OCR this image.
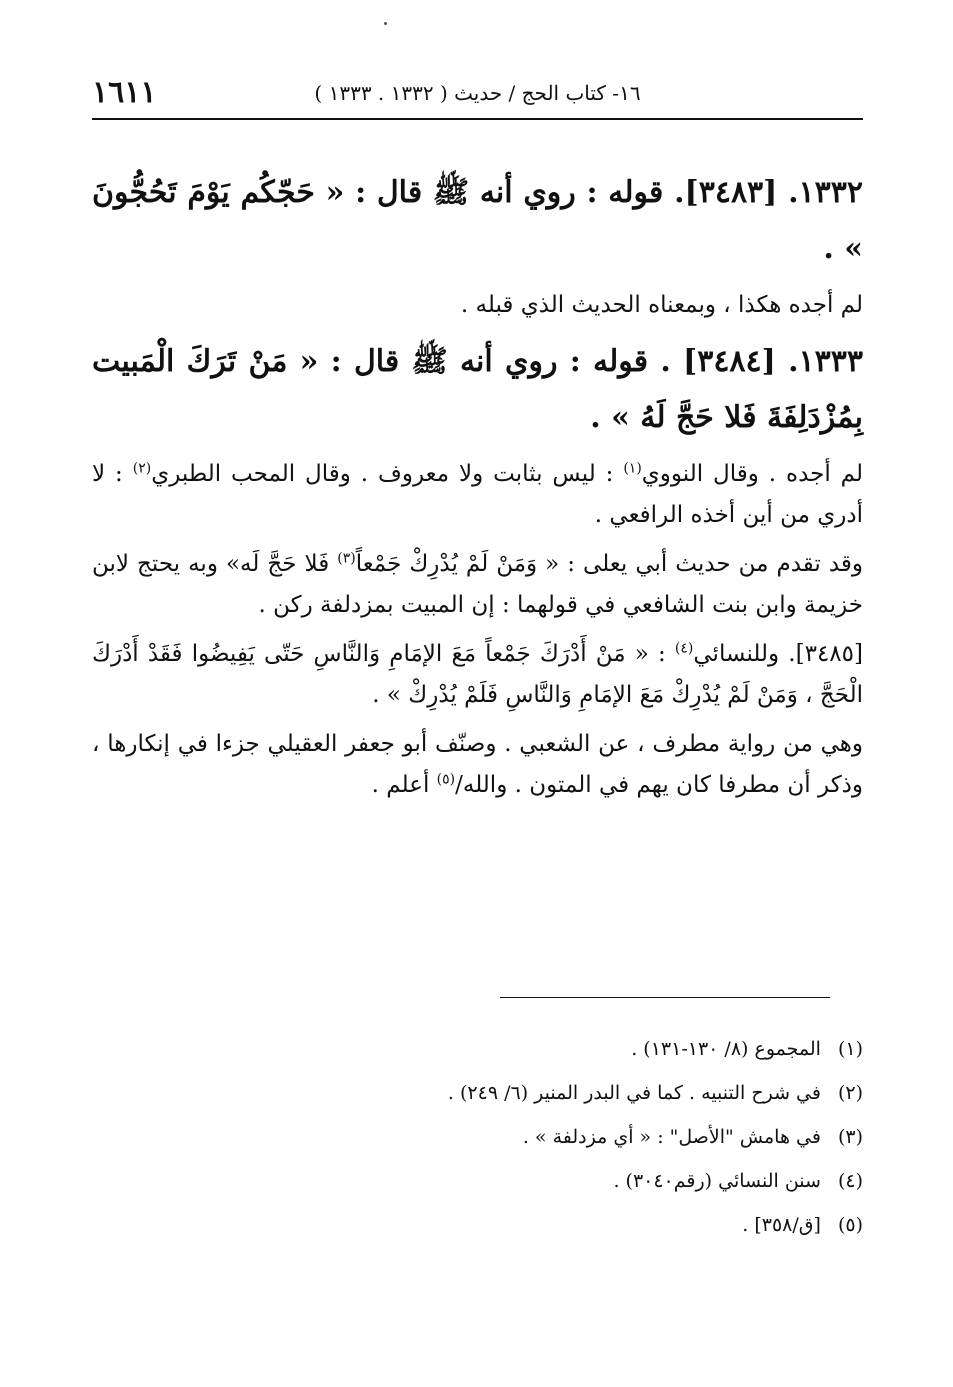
١٦- كتاب الحج / حديث ( ١٣٣٢ . ١٣٣٣ )
١٦١١
١٣٣٢. [٣٤٨٣]. قوله : روي أنه ﷺ قال : « حَجّكُم يَوْمَ تَحُجُّونَ » .
لم أجده هكذا ، وبمعناه الحديث الذي قبله .
١٣٣٣. [٣٤٨٤] . قوله : روي أنه ﷺ قال : « مَنْ تَرَكَ الْمَبيت بِمُزْدَلِفَةَ فَلا حَجَّ لَهُ » .
لم أجده . وقال النووي$^{(١)}$ : ليس بثابت ولا معروف . وقال المحب الطبري$^{(٢)}$ : لا أدري من أين أخذه الرافعي .
وقد تقدم من حديث أبي يعلى : « وَمَنْ لَمْ يُدْرِكْ جَمْعاً$^{(٣)}$ فَلا حَجَّ لَه» وبه يحتج لابن خزيمة وابن بنت الشافعي في قولهما : إن المبيت بمزدلفة ركن .
[٣٤٨٥]. وللنسائي$^{(٤)}$ : « مَنْ أَدْرَكَ جَمْعاً مَعَ الإمَامِ وَالنَّاسِ حَتّى يَفِيضُوا فَقَدْ أَدْرَكَ الْحَجَّ ، وَمَنْ لَمْ يُدْرِكْ مَعَ الإمَامِ وَالنَّاسِ فَلَمْ يُدْرِكْ » .
وهي من رواية مطرف ، عن الشعبي . وصنّف أبو جعفر العقيلي جزءا في إنكارها ، وذكر أن مطرفا كان يهم في المتون . والله/$^{(٥)}$ أعلم .
(١) المجموع (٨/ ١٣٠-١٣١) .
(٢) في شرح التنبيه . كما في البدر المنير (٦/ ٢٤٩) .
(٣) في هامش "الأصل" : « أي مزدلفة » .
(٤) سنن النسائي (رقم٣٠٤٠) .
(٥) [ق/٣٥٨] .
